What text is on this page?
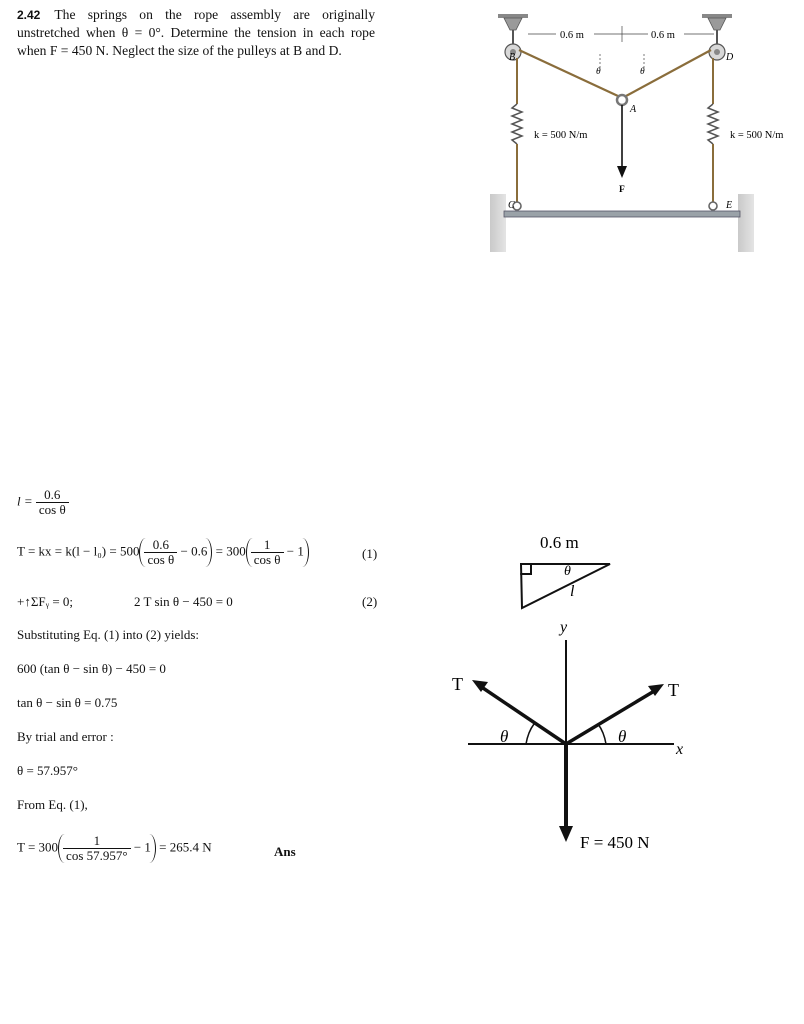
2.42 The springs on the rope assembly are originally unstretched when θ = 0°. Determine the tension in each rope when F = 450 N. Neglect the size of the pulleys at B and D.
0.6 m	0.6 m
B	D
θ	θ
A
F
k = 500 N/m	k = 500 N/m
C	E
$l = \frac{0.6}{\text{cos θ}}$
T = kx = $k(l - l_0) = 500 \frac{0.6}{\text{cos θ}} - 0.6 = 300 \frac{1}{\text{cos θ}} - 1$	(1)
+↑ΣFᵧ = 0;	2 T sin θ − 450 = 0	(2)
Substituting Eq. (1) into (2) yields:
600 (tan θ − sin θ) − 450 = 0
tan θ − sin θ = 0.75
By trial and error :
θ = 57.957°
From Eq. (1),
$T = 300 \frac{1}{\cos 57.957^\circ} - 1 = 265.4$ N	Ans
0.6 m
θ
l
y
x
T	T
θ	θ
F = 450 N
